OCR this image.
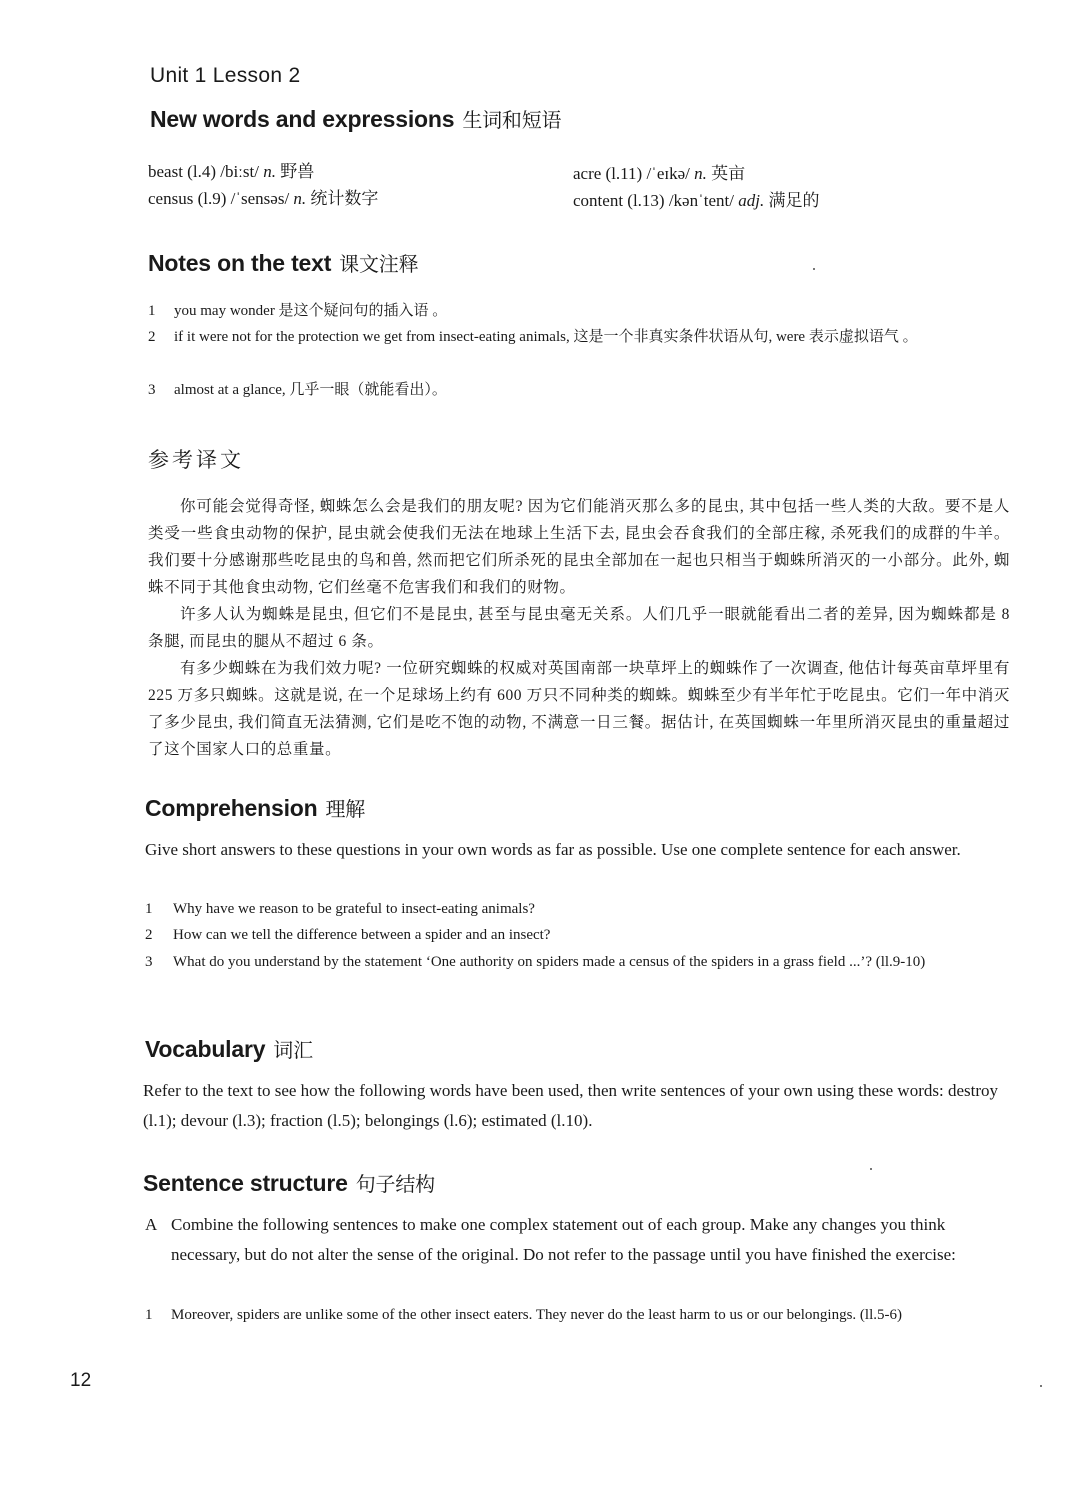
Unit 1 Lesson 2
New words and expressions 生词和短语
beast (l.4) /biːst/ n. 野兽	acre (l.11) /ˈeɪkə/ n. 英亩
census (l.9) /ˈsensəs/ n. 统计数字	content (l.13) /kənˈtent/ adj. 满足的
Notes on the text 课文注释
1 you may wonder 是这个疑问句的插入语 。
2 if it were not for the protection we get from insect-eating animals, 这是一个非真实条件状语从句, were 表示虚拟语气 。
3 almost at a glance, 几乎一眼（就能看出）。
参考译文

你可能会觉得奇怪, 蜘蛛怎么会是我们的朋友呢? 因为它们能消灭那么多的昆虫, 其中包括一些人类的大敌。要不是人类受一些食虫动物的保护, 昆虫就会使我们无法在地球上生活下去, 昆虫会吞食我们的全部庄稼, 杀死我们的成群的牛羊。我们要十分感谢那些吃昆虫的鸟和兽, 然而把它们所杀死的昆虫全部加在一起也只相当于蜘蛛所消灭的一小部分。此外, 蜘蛛不同于其他食虫动物, 它们丝毫不危害我们和我们的财物。

许多人认为蜘蛛是昆虫, 但它们不是昆虫, 甚至与昆虫毫无关系。人们几乎一眼就能看出二者的差异, 因为蜘蛛都是 8 条腿, 而昆虫的腿从不超过 6 条。

有多少蜘蛛在为我们效力呢? 一位研究蜘蛛的权威对英国南部一块草坪上的蜘蛛作了一次调查, 他估计每英亩草坪里有 225 万多只蜘蛛。这就是说, 在一个足球场上约有 600 万只不同种类的蜘蛛。蜘蛛至少有半年忙于吃昆虫。它们一年中消灭了多少昆虫, 我们简直无法猜测, 它们是吃不饱的动物, 不满意一日三餐。据估计, 在英国蜘蛛一年里所消灭昆虫的重量超过了这个国家人口的总重量。

Comprehension 理解
Give short answers to these questions in your own words as far as possible. Use one complete sentence for each answer.
1 Why have we reason to be grateful to insect-eating animals?
2 How can we tell the difference between a spider and an insect?
3 What do you understand by the statement ‘One authority on spiders made a census of the spiders in a grass field ...’? (ll.9-10)
Vocabulary 词汇
Refer to the text to see how the following words have been used, then write sentences of your own using these words: destroy (l.1); devour (l.3); fraction (l.5); belongings (l.6); estimated (l.10).
Sentence structure 句子结构
A Combine the following sentences to make one complex statement out of each group. Make any changes you think necessary, but do not alter the sense of the original. Do not refer to the passage until you have finished the exercise:
1 Moreover, spiders are unlike some of the other insect eaters. They never do the least harm to us or our belongings. (ll.5-6)
12
